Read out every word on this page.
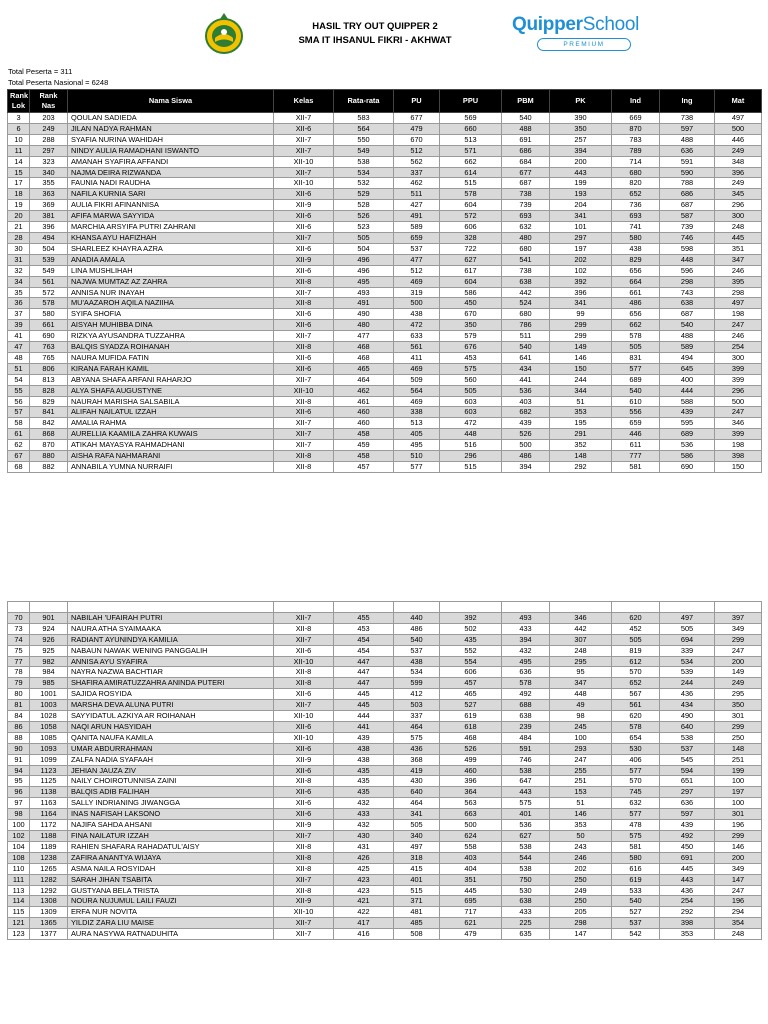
HASIL TRY OUT QUIPPER 2
SMA IT IHSANUL FIKRI - AKHWAT
QuipperSchool
PREMIUM
Total Peserta = 311
Total Peserta Nasional = 6248
Rank Lok	Rank Nas	Nama Siswa	Kelas	Rata-rata	PU	PPU	PBM	PK	Ind	Ing	Mat
3	203	QOULAN SADIEDA	XII-7	583	677	569	540	390	669	738	497
6	249	JILAN NADYA RAHMAN	XII-6	564	479	660	488	350	870	597	500
10	288	SYAFIA NURINA WAHIDAH	XII-7	550	670	513	691	257	783	488	446
11	297	NINDY AULIA RAMADHANI ISWANTO	XII-7	549	512	571	686	394	789	636	249
14	323	AMANAH SYAFIRA AFFANDI	XII-10	538	562	662	684	200	714	591	348
15	340	NAJMA DEIRA RIZWANDA	XII-7	534	337	614	677	443	680	590	396
17	355	FAUNIA NADI RAUDHA	XII-10	532	462	515	687	199	820	788	249
18	363	NAFILA KURNIA SARI	XII-6	529	511	578	738	193	652	686	345
19	369	AULIA FIKRI AFINANNISA	XII-9	528	427	604	739	204	736	687	296
20	381	AFIFA MARWA SAYYIDA	XII-6	526	491	572	693	341	693	587	300
21	396	MARCHIA ARSYIFA PUTRI ZAHRANI	XII-6	523	589	606	632	101	741	739	248
28	494	KHANSA AYU HAFIZHAH	XII-7	505	659	328	480	297	580	746	445
30	504	SHARLEEZ KHAYRA AZRA	XII-6	504	537	722	680	197	438	598	351
31	539	ANADIA AMALA	XII-9	496	477	627	541	202	829	448	347
32	549	LINA MUSHLIHAH	XII-6	496	512	617	738	102	656	596	246
34	561	NAJWA MUMTAZ AZ ZAHRA	XII-8	495	469	604	638	392	664	298	395
35	572	ANNISA NUR INAYAH	XII-7	493	319	586	442	396	661	743	298
36	578	MU'AAZAROH AQILA NAZIIHA	XII-8	491	500	450	524	341	486	638	497
37	580	SYIFA SHOFIA	XII-6	490	438	670	680	99	656	687	198
39	661	AISYAH MUHIBBA DINA	XII-6	480	472	350	786	299	662	540	247
41	690	RIZKYA AYUSANDRA TUZZAHRA	XII-7	477	633	579	511	299	578	488	246
47	763	BALQIS SYADZA ROIHANAH	XII-8	468	561	676	540	149	505	589	254
48	765	NAURA MUFIDA FATIN	XII-6	468	411	453	641	146	831	494	300
51	806	KIRANA FARAH KAMIL	XII-6	465	469	575	434	150	577	645	399
54	813	ABYANA SHAFA ARFANI RAHARJO	XII-7	464	509	560	441	244	689	400	399
55	828	ALYA SHAFA AUGUSTYNE	XII-10	462	564	505	536	344	540	444	296
56	829	NAURAH MARISHA SALSABILA	XII-8	461	469	603	403	51	610	588	500
57	841	ALIFAH NAILATUL IZZAH	XII-6	460	338	603	682	353	556	439	247
58	842	AMALIA RAHMA	XII-7	460	513	472	439	195	659	595	346
61	868	AURELLIA KAAMILA ZAHRA KUWAIS	XII-7	458	405	448	526	291	446	689	399
62	870	ATIKAH MAYASYA RAHMADHANI	XII-7	459	495	516	500	352	611	536	198
67	880	AISHA RAFA NAHMARANI	XII-8	458	510	296	486	148	777	586	398
68	882	ANNABILA YUMNA NURRAIFI	XII-8	457	577	515	394	292	581	690	150

70	901	NABILAH 'UFAIRAH PUTRI	XII-7	455	440	392	493	346	620	497	397
73	924	NAURA ATHA SYAIMAAKA	XII-8	453	486	502	433	442	452	505	349
74	926	RADIANT AYUNINDYA KAMILIA	XII-7	454	540	435	394	307	505	694	299
75	925	NABAUN NAWAK WENING PANGGALIH	XII-6	454	537	552	432	248	819	339	247
77	982	ANNISA AYU SYAFIRA	XII-10	447	438	554	495	295	612	534	200
78	984	NAYRA NAZWA BACHTIAR	XII-8	447	534	606	636	95	570	539	149
79	985	SHAFIRA AMIRATUZZAHRA ANINDA PUTERI	XII-8	447	599	457	578	347	652	244	249
80	1001	SAJIDA ROSYIDA	XII-6	445	412	465	492	448	567	436	295
81	1003	MARSHA DEVA ALUNA PUTRI	XII-7	445	503	527	688	49	561	434	350
84	1028	SAYYIDATUL AZKIYA AR ROIHANAH	XII-10	444	337	619	638	98	620	490	301
86	1058	NAQI ARUN HASYIDAH	XII-6	441	464	618	239	245	578	640	299
88	1085	QANITA NAUFA KAMILA	XII-10	439	575	468	484	100	654	538	250
90	1093	UMAR ABDURRAHMAN	XII-6	438	436	526	591	293	530	537	148
91	1099	ZALFA NADIA SYAFAAH	XII-9	438	368	499	746	247	406	545	251
94	1123	JEHIAN JAUZA ZIV	XII-6	435	419	460	538	255	577	594	199
95	1125	NAILY CHOIROTUNNISA ZAINI	XII-8	435	430	396	647	251	570	651	100
96	1138	BALQIS ADIB FALIHAH	XII-6	435	640	364	443	153	745	297	197
97	1163	SALLY INDRIANING JIWANGGA	XII-6	432	464	563	575	51	632	636	100
98	1164	INAS NAFISAH LAKSONO	XII-6	433	341	663	401	146	577	597	301
100	1172	NAJIFA SAHDA AHSANI	XII-9	432	505	500	536	353	478	439	196
102	1188	FINA NAILATUR IZZAH	XII-7	430	340	624	627	50	575	492	299
104	1189	RAHIEN SHAFARA RAHADATUL'AISY	XII-8	431	497	558	538	243	581	450	146
108	1238	ZAFIRA ANANTYA WIJAYA	XII-8	426	318	403	544	246	580	691	200
110	1265	ASMA NAILA ROSYIDAH	XII-8	425	415	404	538	202	616	445	349
111	1282	SARAH JIHAN TSABITA	XII-7	423	401	351	750	250	619	443	147
113	1292	GUSTYANA BELA TRISTA	XII-8	423	515	445	530	249	533	436	247
114	1308	NOURA NUJUMUL LAILI FAUZI	XII-9	421	371	695	638	250	540	254	196
115	1309	ERFA NUR NOVITA	XII-10	422	481	717	433	205	527	292	294
121	1365	YILDIZ ZARA LIU MAISE	XII-7	417	485	621	225	298	537	398	354
123	1377	AURA NASYWA RATNADUHITA	XII-7	416	508	479	635	147	542	353	248
